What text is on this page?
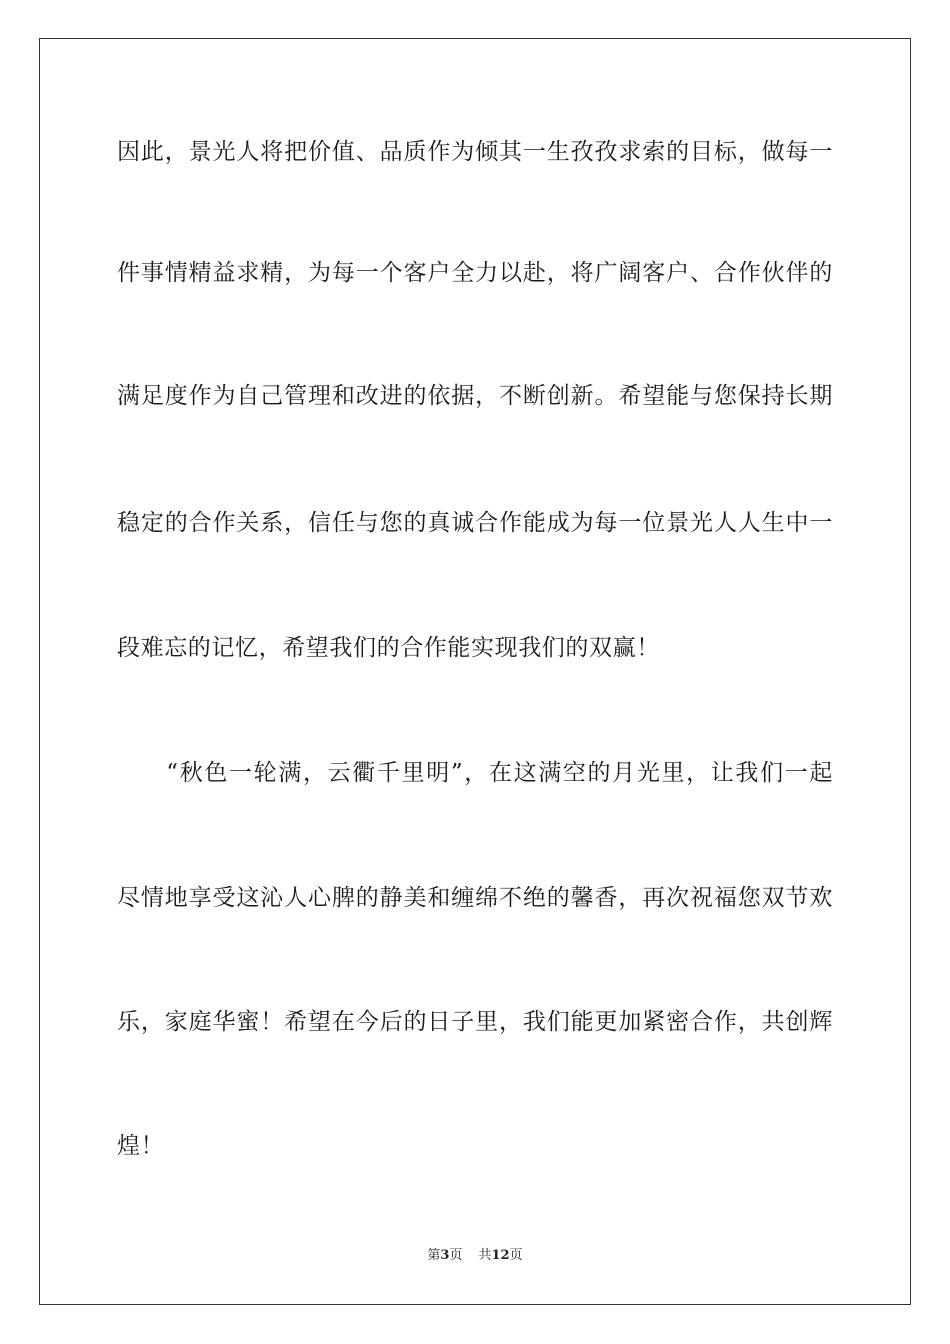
因此，景光人将把价值、品质作为倾其一生孜孜求索的目标，做每一
件事情精益求精，为每一个客户全力以赴，将广阔客户、合作伙伴的
满足度作为自己管理和改进的依据，不断创新。希望能与您保持长期
稳定的合作关系，信任与您的真诚合作能成为每一位景光人人生中一
段难忘的记忆，希望我们的合作能实现我们的双赢！
　　“秋色一轮满，云衢千里明”，在这满空的月光里，让我们一起
尽情地享受这沁人心脾的静美和缠绵不绝的馨香，再次祝福您双节欢
乐，家庭华蜜！希望在今后的日子里，我们能更加紧密合作，共创辉
煌！
第3页 共12页
